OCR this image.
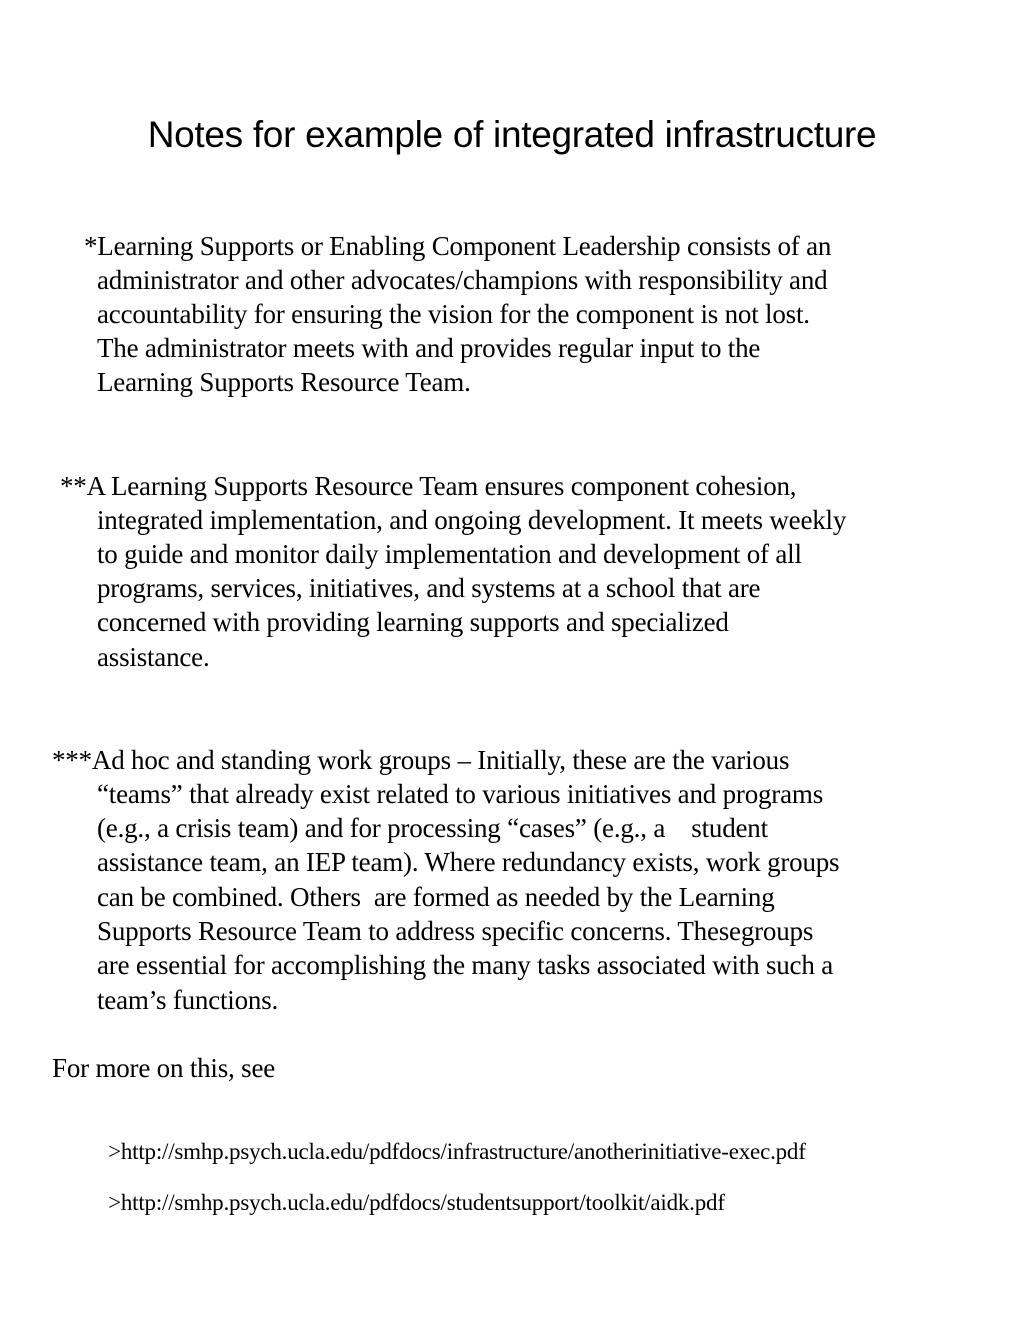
Notes for example of integrated infrastructure
*Learning Supports or Enabling Component Leadership consists of an
administrator and other advocates/champions with responsibility and
accountability for ensuring the vision for the component is not lost.
The administrator meets with and provides regular input to the
Learning Supports Resource Team.
**A Learning Supports Resource Team ensures component cohesion,
integrated implementation, and ongoing development. It meets weekly
to guide and monitor daily implementation and development of all
programs, services, initiatives, and systems at a school that are
concerned with providing learning supports and specialized
assistance.
***Ad hoc and standing work groups – Initially, these are the various
“teams” that already exist related to various initiatives and programs
(e.g., a crisis team) and for processing “cases” (e.g., a    student
assistance team, an IEP team). Where redundancy exists, work groups
can be combined. Others  are formed as needed by the Learning
Supports Resource Team to address specific concerns. Thesegroups
are essential for accomplishing the many tasks associated with such a
team’s functions.
For more on this, see

>http://smhp.psych.ucla.edu/pdfdocs/infrastructure/anotherinitiative-exec.pdf

>http://smhp.psych.ucla.edu/pdfdocs/studentsupport/toolkit/aidk.pdf
